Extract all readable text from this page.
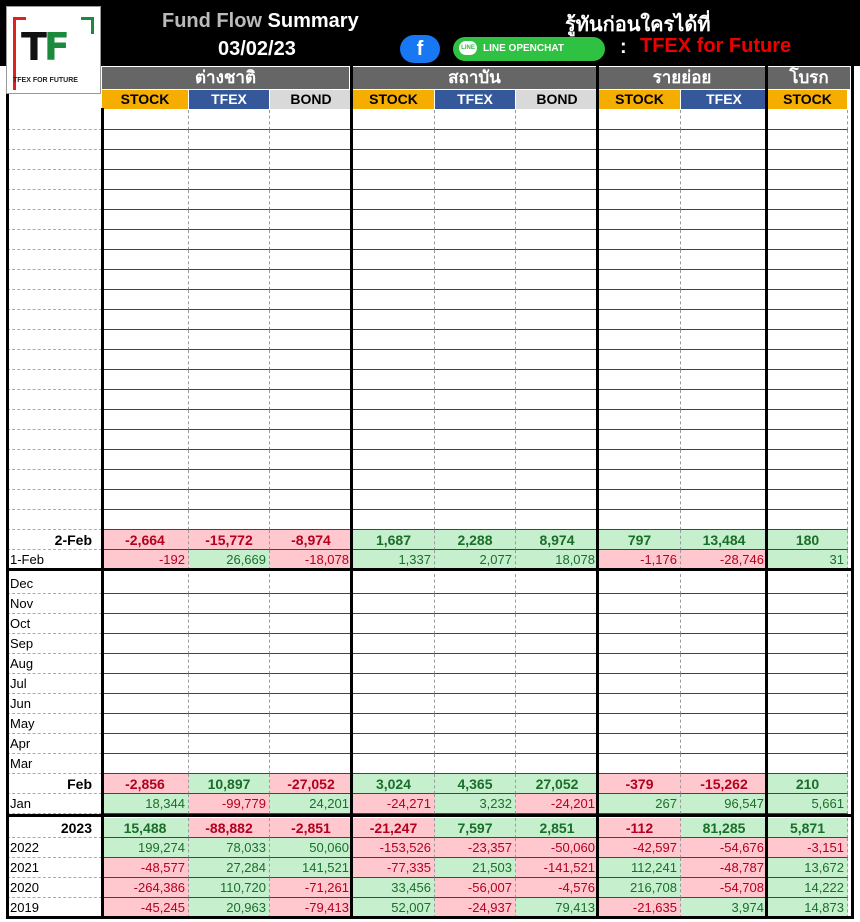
TF
TFEX FOR FUTURE
Fund Flow Summary
03/02/23
รู้ทันก่อนใครได้ที่
f	LINE LINE OPENCHAT	: TFEX for Future
ต่างชาติ	สถาบัน	รายย่อย	โบรก
STOCK	TFEX	BOND	STOCK	TFEX	BOND	STOCK	TFEX	STOCK
2-Feb	-2,664	-15,772	-8,974	1,687	2,288	8,974	797	13,484	180
1-Feb	-192	26,669	-18,078	1,337	2,077	18,078	-1,176	-28,746	31
Dec
Nov
Oct
Sep
Aug
Jul
Jun
May
Apr
Mar
Feb	-2,856	10,897	-27,052	3,024	4,365	27,052	-379	-15,262	210
Jan	18,344	-99,779	24,201	-24,271	3,232	-24,201	267	96,547	5,661
2023	15,488	-88,882	-2,851	-21,247	7,597	2,851	-112	81,285	5,871
2022	199,274	78,033	50,060	-153,526	-23,357	-50,060	-42,597	-54,676	-3,151
2021	-48,577	27,284	141,521	-77,335	21,503	-141,521	112,241	-48,787	13,672
2020	-264,386	110,720	-71,261	33,456	-56,007	-4,576	216,708	-54,708	14,222
2019	-45,245	20,963	-79,413	52,007	-24,937	79,413	-21,635	3,974	14,873
